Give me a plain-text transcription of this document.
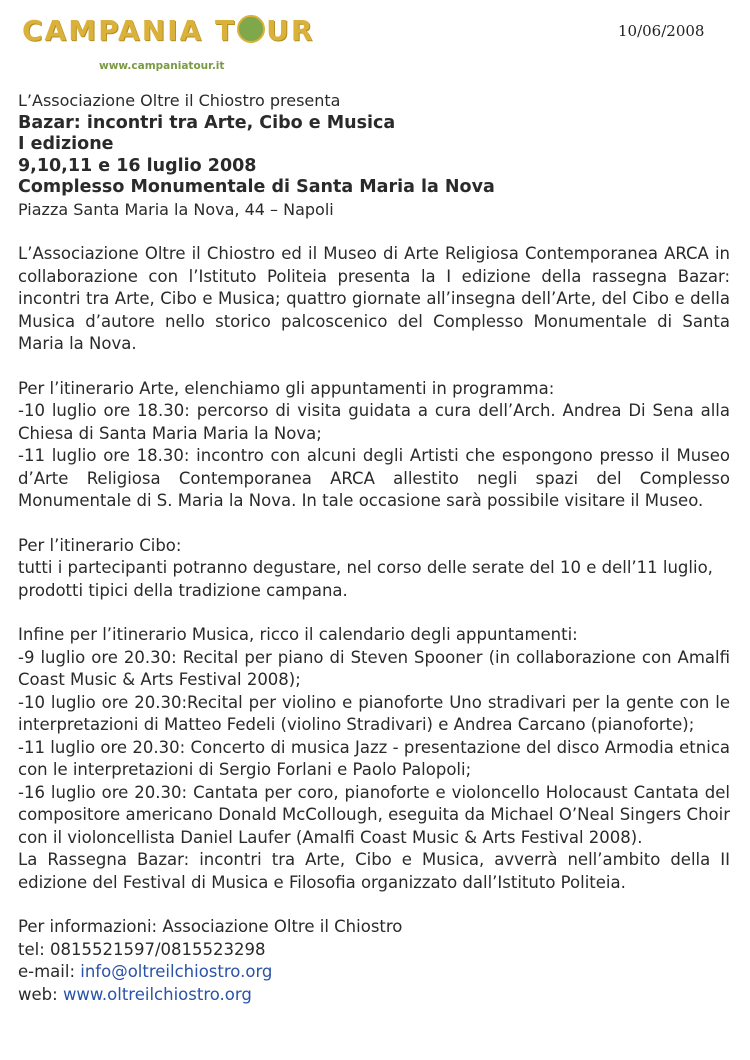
CAMPANIA T UR
www.campaniatour.it
10/06/2008

L’Associazione Oltre il Chiostro presenta

Bazar: incontri tra Arte, Cibo e Musica

I edizione

9,10,11 e 16 luglio 2008

Complesso Monumentale di Santa Maria la Nova

Piazza Santa Maria la Nova, 44 – Napoli

L’Associazione Oltre il Chiostro ed il Museo di Arte Religiosa Contemporanea ARCA in collaborazione con l’Istituto Politeia presenta la I edizione della rassegna Bazar: incontri tra Arte, Cibo e Musica; quattro giornate all’insegna dell’Arte, del Cibo e della Musica d’autore nello storico palcoscenico del Complesso Monumentale di Santa Maria la Nova.

Per l’itinerario Arte, elenchiamo gli appuntamenti in programma:

-10 luglio ore 18.30: percorso di visita guidata a cura dell’Arch. Andrea Di Sena alla Chiesa di Santa Maria Maria la Nova;

-11 luglio ore 18.30: incontro con alcuni degli Artisti che espongono presso il Museo d’Arte Religiosa Contemporanea ARCA allestito negli spazi del Complesso Monumentale di S. Maria la Nova. In tale occasione sarà possibile visitare il Museo.

Per l’itinerario Cibo:

tutti i partecipanti potranno degustare, nel corso delle serate del 10 e dell’11 luglio, prodotti tipici della tradizione campana.

Infine per l’itinerario Musica, ricco il calendario degli appuntamenti:

-9 luglio ore 20.30: Recital per piano di Steven Spooner (in collaborazione con Amalfi Coast Music & Arts Festival 2008);

-10 luglio ore 20.30:Recital per violino e pianoforte Uno stradivari per la gente con le interpretazioni di Matteo Fedeli (violino Stradivari) e Andrea Carcano (pianoforte);

-11 luglio ore 20.30: Concerto di musica Jazz - presentazione del disco Armodia etnica con le interpretazioni di Sergio Forlani e Paolo Palopoli;

-16 luglio ore 20.30: Cantata per coro, pianoforte e violoncello Holocaust Cantata del compositore americano Donald McCollough, eseguita da Michael O’Neal Singers Choir con il violoncellista Daniel Laufer (Amalfi Coast Music & Arts Festival 2008).

La Rassegna Bazar: incontri tra Arte, Cibo e Musica, avverrà nell’ambito della II edizione del Festival di Musica e Filosofia organizzato dall’Istituto Politeia.

Per informazioni: Associazione Oltre il Chiostro

tel: 0815521597/0815523298

e-mail: info@oltreilchiostro.org

web: www.oltreilchiostro.org
